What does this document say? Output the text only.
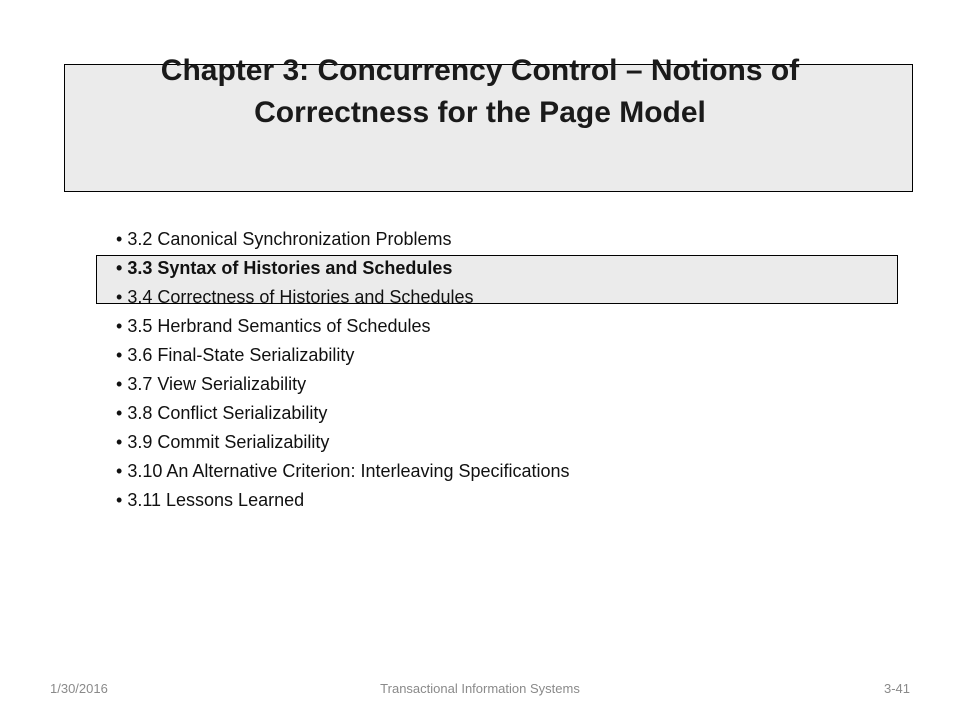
Chapter 3: Concurrency Control – Notions of
Correctness for the Page Model
• 3.2 Canonical Synchronization Problems
• 3.3 Syntax of Histories and Schedules
• 3.4 Correctness of Histories and Schedules
• 3.5 Herbrand Semantics of Schedules
• 3.6 Final-State Serializability
• 3.7 View Serializability
• 3.8 Conflict Serializability
• 3.9 Commit Serializability
• 3.10 An Alternative Criterion: Interleaving Specifications
• 3.11 Lessons Learned
1/30/2016	Transactional Information Systems	3-41
